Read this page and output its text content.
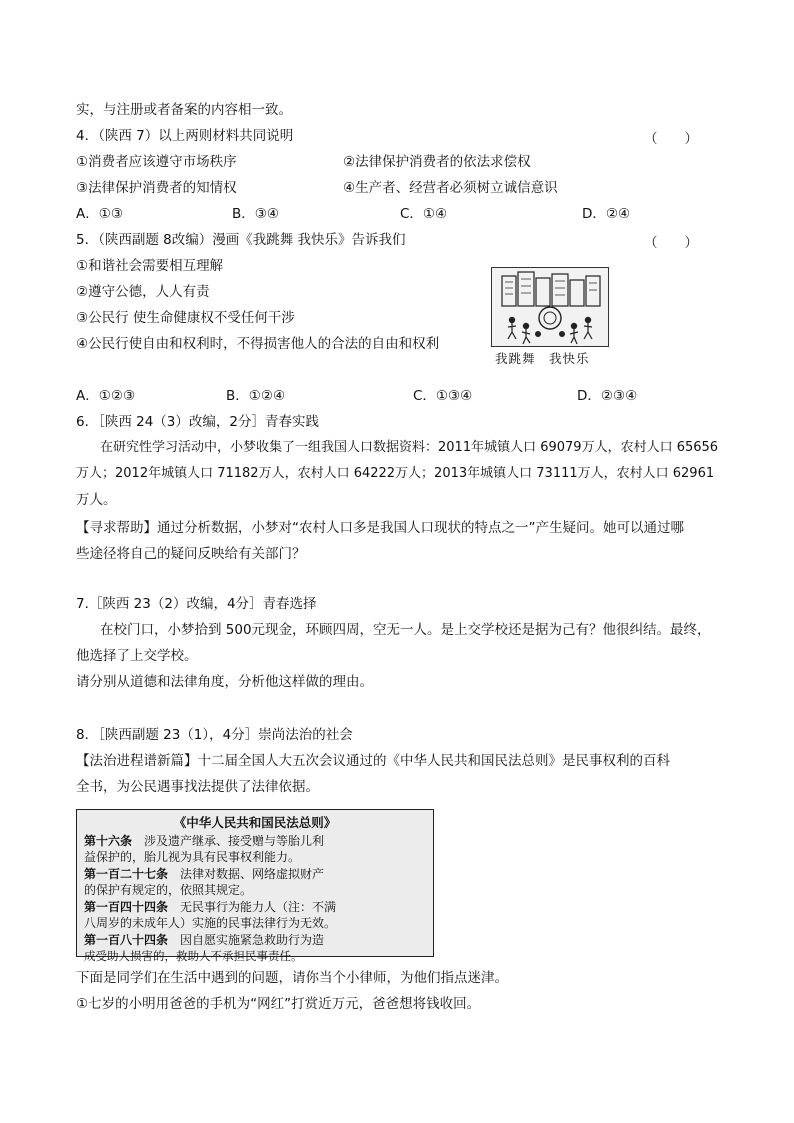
实，与注册或者备案的内容相一致。
4．（陕西 7）以上两则材料共同说明	（　　）
①消费者应该遵守市场秩序	②法律保护消费者的依法求偿权
③法律保护消费者的知情权	④生产者、经营者必须树立诚信意识
A．①③	B．③④	C．①④	D．②④
5．（陕西副题 8改编）漫画《我跳舞 我快乐》告诉我们	（　　）
①和谐社会需要相互理解
②遵守公德，人人有责
③公民行 使生命健康权不受任何干涉
④公民行使自由和权利时，不得损害他人的合法的自由和权利
我跳舞　我快乐
A．①②③	B．①②④	C．①③④	D．②③④
6．［陕西 24（3）改编，2分］青春实践
在研究性学习活动中，小梦收集了一组我国人口数据资料：2011年城镇人口 69079万人，农村人口 65656
万人；2012年城镇人口 71182万人，农村人口 64222万人；2013年城镇人口 73111万人，农村人口 62961
万人。
【寻求帮助】通过分析数据，小梦对“农村人口多是我国人口现状的特点之一”产生疑问。她可以通过哪
些途径将自己的疑问反映给有关部门？
7.［陕西 23（2）改编，4分］青春选择
在校门口，小梦拾到 500元现金，环顾四周，空无一人。是上交学校还是据为己有？他很纠结。最终，
他选择了上交学校。
请分别从道德和法律角度，分析他这样做的理由。
8．［陕西副题 23（1），4分］崇尚法治的社会
【法治进程谱新篇】十二届全国人大五次会议通过的《中华人民共和国民法总则》是民事权利的百科
全书，为公民遇事找法提供了法律依据。
《中华人民共和国民法总则》
第十六条　涉及遗产继承、接受赠与等胎儿利
益保护的，胎儿视为具有民事权利能力。
第一百二十七条　法律对数据、网络虚拟财产
的保护有规定的，依照其规定。
第一百四十四条　无民事行为能力人（注：不满
八周岁的未成年人）实施的民事法律行为无效。
第一百八十四条　因自愿实施紧急救助行为造
成受助人损害的，救助人不承担民事责任。
下面是同学们在生活中遇到的问题，请你当个小律师，为他们指点迷津。
①七岁的小明用爸爸的手机为“网红”打赏近万元，爸爸想将钱收回。
